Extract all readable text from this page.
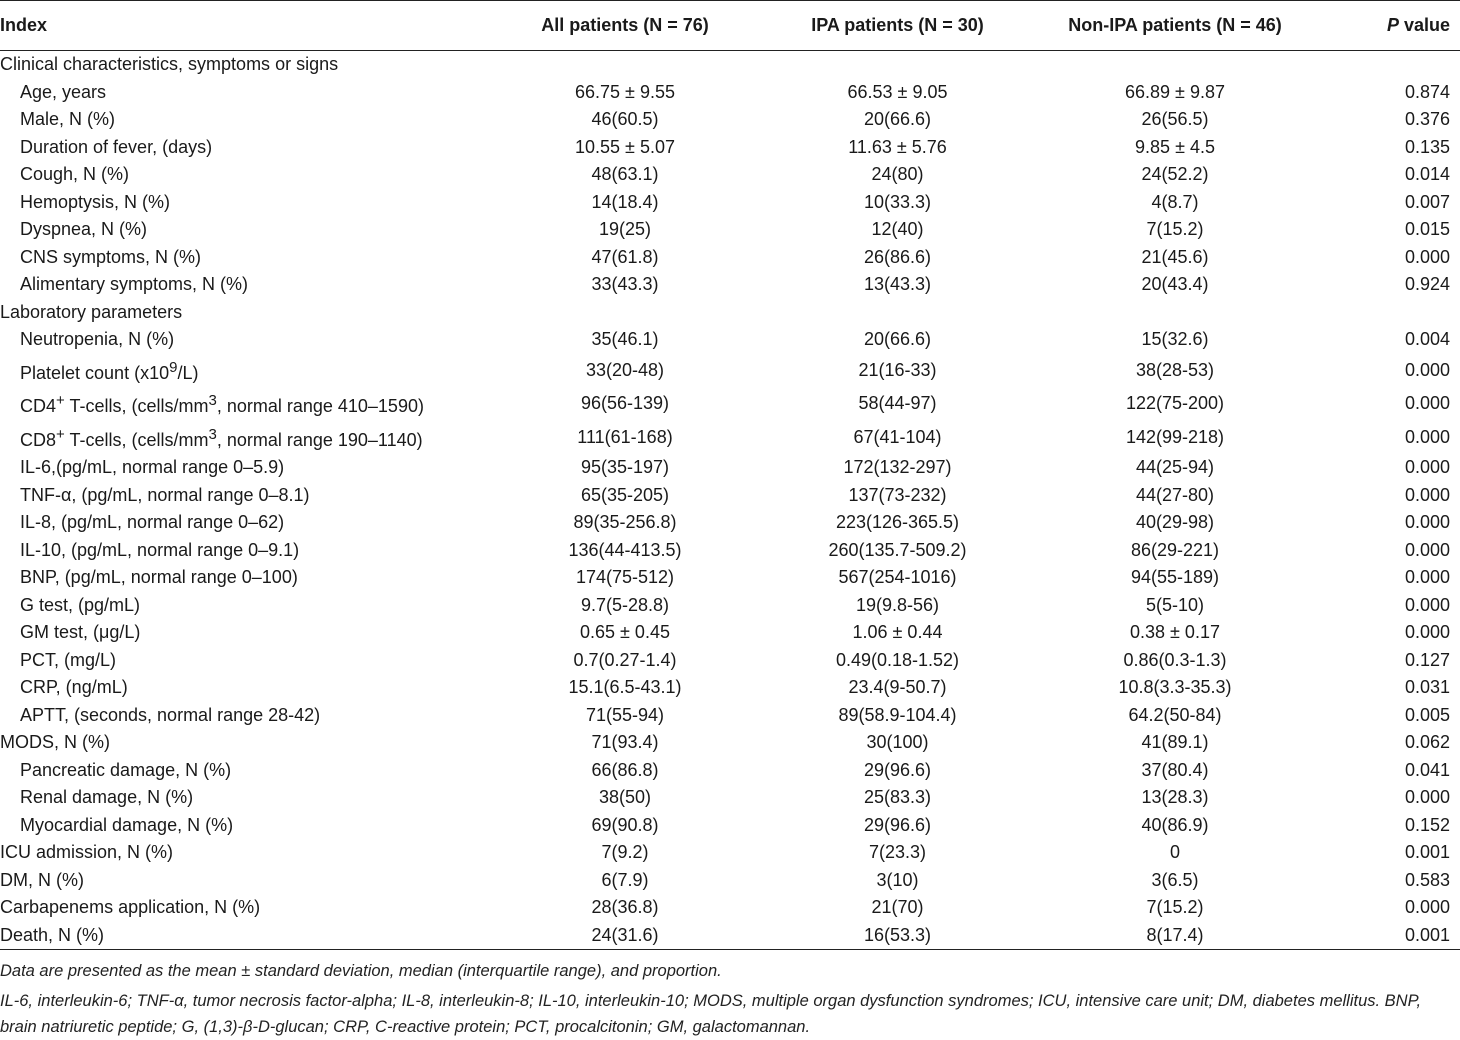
Index	All patients (N = 76)	IPA patients (N = 30)	Non-IPA patients (N = 46)	P value
Clinical characteristics, symptoms or signs				
Age, years	66.75 ± 9.55	66.53 ± 9.05	66.89 ± 9.87	0.874
Male, N (%)	46(60.5)	20(66.6)	26(56.5)	0.376
Duration of fever, (days)	10.55 ± 5.07	11.63 ± 5.76	9.85 ± 4.5	0.135
Cough, N (%)	48(63.1)	24(80)	24(52.2)	0.014
Hemoptysis, N (%)	14(18.4)	10(33.3)	4(8.7)	0.007
Dyspnea, N (%)	19(25)	12(40)	7(15.2)	0.015
CNS symptoms, N (%)	47(61.8)	26(86.6)	21(45.6)	0.000
Alimentary symptoms, N (%)	33(43.3)	13(43.3)	20(43.4)	0.924
Laboratory parameters				
Neutropenia, N (%)	35(46.1)	20(66.6)	15(32.6)	0.004
Platelet count $(x10^9/L)$	33(20-48)	21(16-33)	38(28-53)	0.000
CD4+ T-cells, ($cells/mm^3$, normal range 410–1590)	96(56-139)	58(44-97)	122(75-200)	0.000
CD8+ T-cells, ($cells/mm^3$, normal range 190–1140)	111(61-168)	67(41-104)	142(99-218)	0.000
IL-6,(pg/mL, normal range 0–5.9)	95(35-197)	172(132-297)	44(25-94)	0.000
TNF-α, (pg/mL, normal range 0–8.1)	65(35-205)	137(73-232)	44(27-80)	0.000
IL-8, (pg/mL, normal range 0–62)	89(35-256.8)	223(126-365.5)	40(29-98)	0.000
IL-10, (pg/mL, normal range 0–9.1)	136(44-413.5)	260(135.7-509.2)	86(29-221)	0.000
BNP, (pg/mL, normal range 0–100)	174(75-512)	567(254-1016)	94(55-189)	0.000
G test, (pg/mL)	9.7(5-28.8)	19(9.8-56)	5(5-10)	0.000
GM test, (μg/L)	0.65 ± 0.45	1.06 ± 0.44	0.38 ± 0.17	0.000
PCT, (mg/L)	0.7(0.27-1.4)	0.49(0.18-1.52)	0.86(0.3-1.3)	0.127
CRP, (ng/mL)	15.1(6.5-43.1)	23.4(9-50.7)	10.8(3.3-35.3)	0.031
APTT, (seconds, normal range 28-42)	71(55-94)	89(58.9-104.4)	64.2(50-84)	0.005
MODS, N (%)	71(93.4)	30(100)	41(89.1)	0.062
Pancreatic damage, N (%)	66(86.8)	29(96.6)	37(80.4)	0.041
Renal damage, N (%)	38(50)	25(83.3)	13(28.3)	0.000
Myocardial damage, N (%)	69(90.8)	29(96.6)	40(86.9)	0.152
ICU admission, N (%)	7(9.2)	7(23.3)	0	0.001
DM, N (%)	6(7.9)	3(10)	3(6.5)	0.583
Carbapenems application, N (%)	28(36.8)	21(70)	7(15.2)	0.000
Death, N (%)	24(31.6)	16(53.3)	8(17.4)	0.001

Data are presented as the mean ± standard deviation, median (interquartile range), and proportion.

IL-6, interleukin-6; TNF-α, tumor necrosis factor-alpha; IL-8, interleukin-8; IL-10, interleukin-10; MODS, multiple organ dysfunction syndromes; ICU, intensive care unit; DM, diabetes mellitus. BNP, brain natriuretic peptide; G, (1,3)-β-D-glucan; CRP, C-reactive protein; PCT, procalcitonin; GM, galactomannan.
